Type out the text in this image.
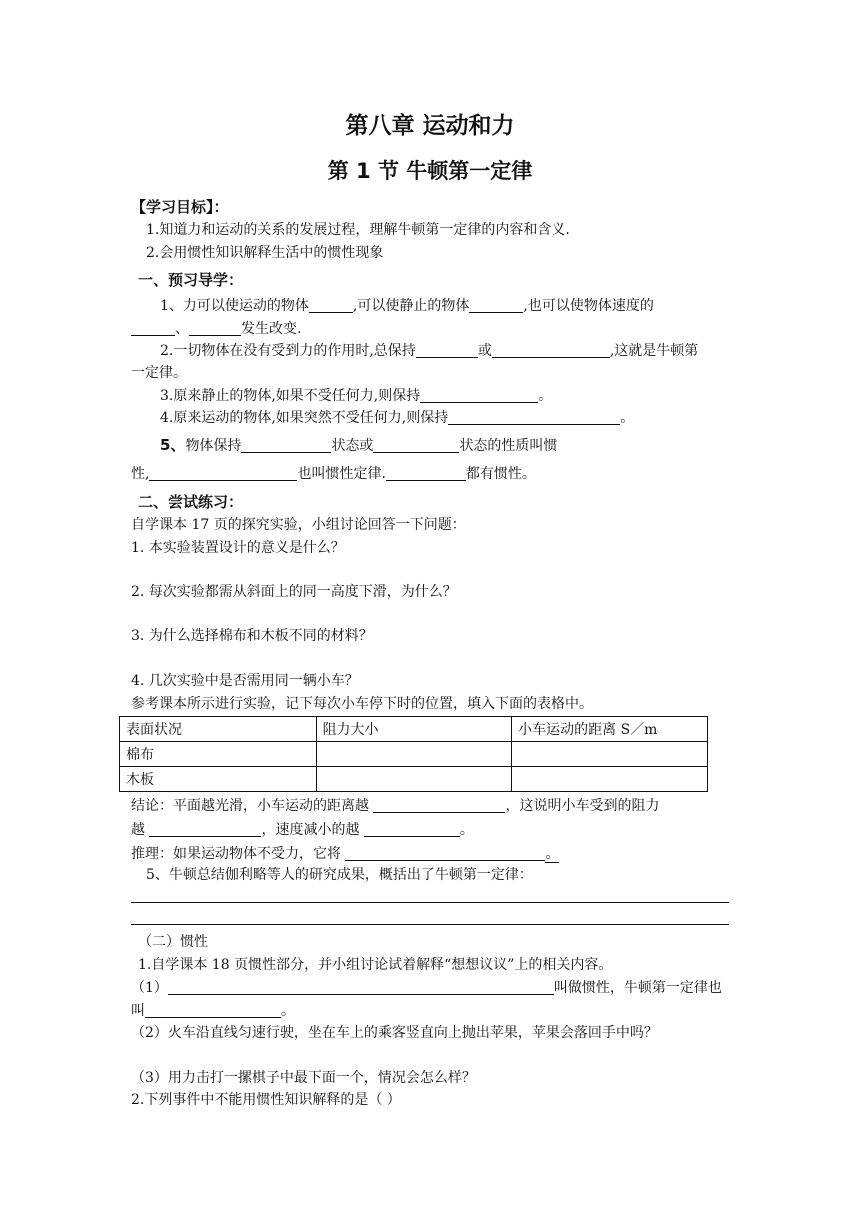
第八章 运动和力
第 1 节 牛顿第一定律
【学习目标】：
1.知道力和运动的关系的发展过程，理解牛顿第一定律的内容和含义.
2.会用惯性知识解释生活中的惯性现象
一、预习导学：
1、力可以使运动的物体	,可以使静止的物体	,也可以使物体速度的
、	发生改变.
2.一切物体在没有受到力的作用时,总保持	或	,这就是牛顿第
一定律。
3.原来静止的物体,如果不受任何力,则保持	。
4.原来运动的物体,如果突然不受任何力,则保持	。
5、物体保持	状态或	状态的性质叫惯
性,	也叫惯性定律.	都有惯性。
二、尝试练习：
自学课本 17 页的探究实验，小组讨论回答一下问题：
1. 本实验装置设计的意义是什么？
2. 每次实验都需从斜面上的同一高度下滑，为什么？
3. 为什么选择棉布和木板不同的材料？
4. 几次实验中是否需用同一辆小车？
参考课本所示进行实验，记下每次小车停下时的位置，填入下面的表格中。
表面状况	阻力大小	小车运动的距离 S／m
棉布		
木板		
结论：平面越光滑，小车运动的距离越	，这说明小车受到的阻力
越	，速度减小的越	。
推理：如果运动物体不受力，它将	。
5、牛顿总结伽利略等人的研究成果，概括出了牛顿第一定律：
（二）惯性
1.自学课本 18 页惯性部分，并小组讨论试着解释“想想议议”上的相关内容。
（1）	叫做惯性，牛顿第一定律也
叫	。
（2）火车沿直线匀速行驶，坐在车上的乘客竖直向上抛出苹果，苹果会落回手中吗？
（3）用力击打一摞棋子中最下面一个，情况会怎么样？
2.下列事件中不能用惯性知识解释的是（ ）
